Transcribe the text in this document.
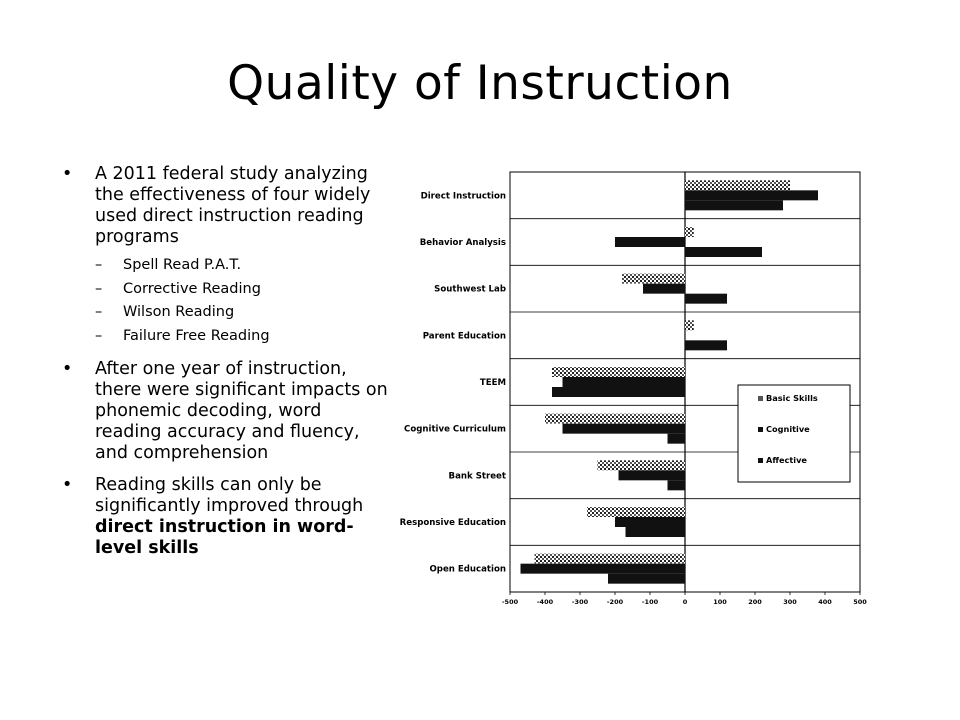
Quality of Instruction
• A 2011 federal study analyzing the effectiveness of four widely used direct instruction reading programs
– Spell Read P.A.T.
– Corrective Reading
– Wilson Reading
– Failure Free Reading
• After one year of instruction, there were significant impacts on phonemic decoding, word reading accuracy and fluency, and comprehension
• Reading skills can only be significantly improved through direct instruction in word-level skills
Direct Instruction
Behavior Analysis
Southwest Lab
Parent Education
TEEM
Cognitive Curriculum
Bank Street
Responsive Education
Open Education
-500	-400	-300	-200	-100	0	100	200	300	400	500
Basic Skills
Cognitive
Affective
